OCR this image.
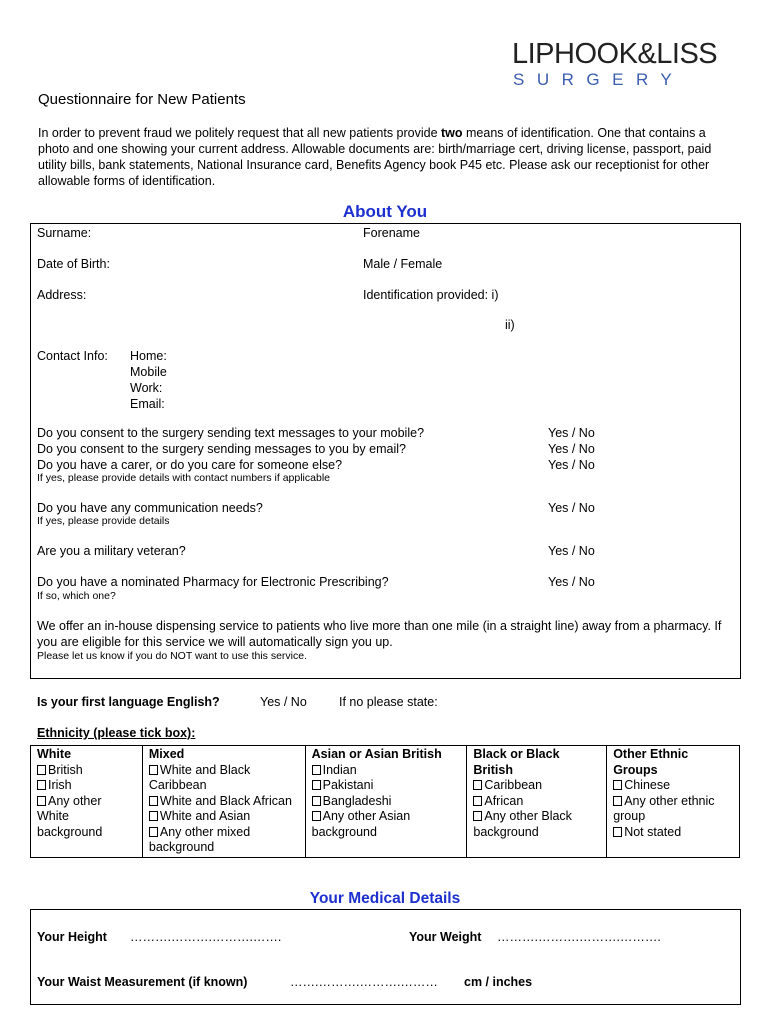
LIPHOOK&LISS
SURGERY
Questionnaire for New Patients
In order to prevent fraud we politely request that all new patients provide two means of identification. One that contains a photo and one showing your current address. Allowable documents are: birth/marriage cert, driving license, passport, paid utility bills, bank statements, National Insurance card, Benefits Agency book P45 etc. Please ask our receptionist for other allowable forms of identification.
About You
Surname:	Forename
Date of Birth:	Male / Female
Address:	Identification provided: i)
ii)
Contact Info: Home:
Mobile
Work:
Email:
Do you consent to the surgery sending text messages to your mobile?	Yes / No
Do you consent to the surgery sending messages to you by email?	Yes / No
Do you have a carer, or do you care for someone else?	Yes / No
If yes, please provide details with contact numbers if applicable
Do you have any communication needs?	Yes / No
If yes, please provide details
Are you a military veteran?	Yes / No
Do you have a nominated Pharmacy for Electronic Prescribing?	Yes / No
If so, which one?
We offer an in-house dispensing service to patients who live more than one mile (in a straight line) away from a pharmacy. If you are eligible for this service we will automatically sign you up.
Please let us know if you do NOT want to use this service.
Is your first language English?	Yes / No	If no please state:
Ethnicity (please tick box):
White
British
Irish
Any other White background

Mixed
White and Black Caribbean
White and Black African
White and Asian
Any other mixed background

Asian or Asian British
Indian
Pakistani
Bangladeshi
Any other Asian background

Black or Black British
Caribbean
African
Any other Black background

Other Ethnic Groups
Chinese
Any other ethnic group
Not stated
Your Medical Details
Your Height ……….……….……….…….	Your Weight ……….……….……….……….
Your Waist Measurement (if known)	…….……….……….……… cm / inches
